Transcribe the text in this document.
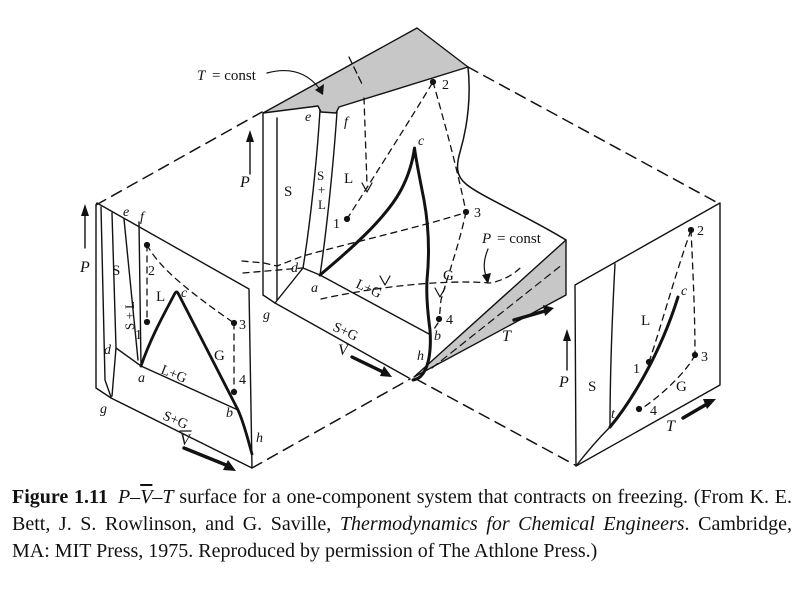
P
V
S
S + L
L
G
L+G
S+G
e f
d
a
g	b
h
c
2
1
3
4
T = const
P = const
P
V
T
S
S
+
L
L
G
L+G
S+G
e f
d
a
g
h
c
b
1
2
3
4
P
T
S
L
G
t
c
1
2
3
4
Figure 1.11 $P-\overline{V}-T$ surface for a one-component system that contracts on freezing. (From K. E. Bett, J. S. Rowlinson, and G. Saville, Thermodynamics for Chemical Engineers. Cambridge, MA: MIT Press, 1975. Reproduced by permission of The Athlone Press.)
